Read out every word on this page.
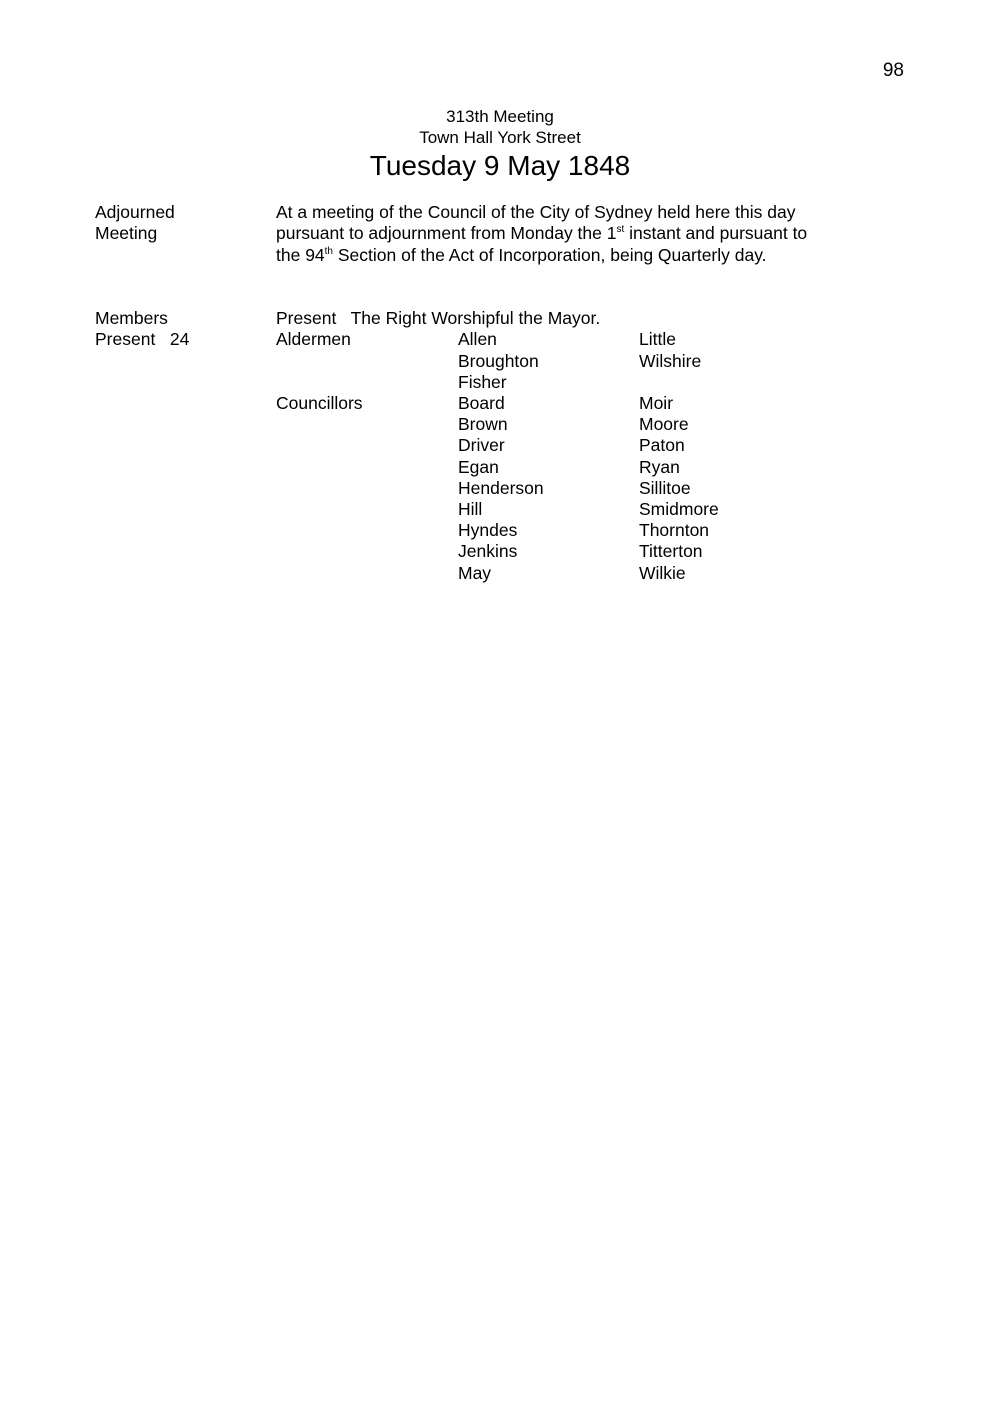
98
313th Meeting
Town Hall York Street
Tuesday 9 May 1848
Adjourned
Meeting
At a meeting of the Council of the City of Sydney held here this day pursuant to adjournment from Monday the 1st instant and pursuant to the 94th Section of the Act of Incorporation, being Quarterly day.
Members
Present   24
Present   The Right Worshipful the Mayor.
Aldermen	Allen	Little
	Broughton	Wilshire
	Fisher	
Councillors	Board	Moir
	Brown	Moore
	Driver	Paton
	Egan	Ryan
	Henderson	Sillitoe
	Hill	Smidmore
	Hyndes	Thornton
	Jenkins	Titterton
	May	Wilkie
